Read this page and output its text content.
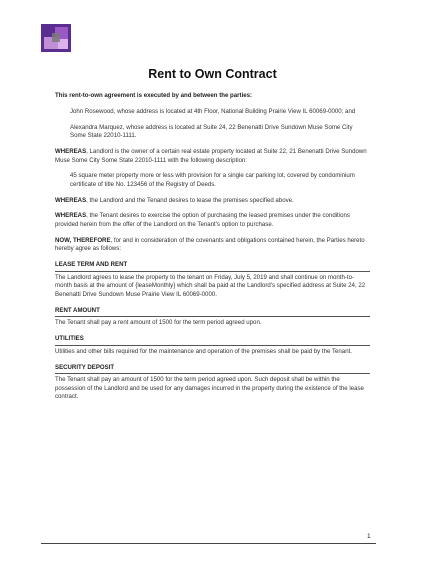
Rent to Own Contract

This rent-to-own agreement is executed by and between the parties:

John Rosewood, whose address is located at 4th Floor, National Building Prairie View IL 60069-0000; and

Alexandra Marquez, whose address is located at Suite 24, 22 Benenatti Drive Sundown Muse Some City Some State 22010-1111.

WHEREAS, Landlord is the owner of a certain real estate property located at Suite 22, 21 Benenatti Drive Sundown Muse Some City Some State 22010-1111 with the following description:

45 square meter property more or less with provision for a single car parking lot, covered by condominium certificate of title No. 123456 of the Registry of Deeds.

WHEREAS, the Landlord and the Tenand desires to lease the premises specified above.

WHEREAS, the Tenant desires to exercise the option of purchasing the leased premises under the conditions provided herein from the offer of the Landlord on the Tenant's option to purchase.

NOW, THEREFORE, for and in consideration of the covenants and obligations contained herein, the Parties hereto hereby agree as follows:

LEASE TERM AND RENT

The Landlord agrees to lease the property to the tenant on Friday, July 5, 2019 and shall continue on month-to-month basis at the amount of {leaseMonthly} which shall ba paid at the Landlord's specified address at Suite 24, 22 Benenatti Drive Sundown Muse Prairie View IL 60069-0000.

RENT AMOUNT

The Tenant shall pay a rent amount of 1500 for the term period agreed upon.

UTILITIES

Utilities and other bills required for the maintenance and operation of the premises shall be paid by the Tenant.

SECURITY DEPOSIT

The Tenant shall pay an amount of 1500 for the term period agreed upon. Such deposit shall be within the possession of the Landlord and be used for any damages incurred in the property during the existence of the lease contract.

1
